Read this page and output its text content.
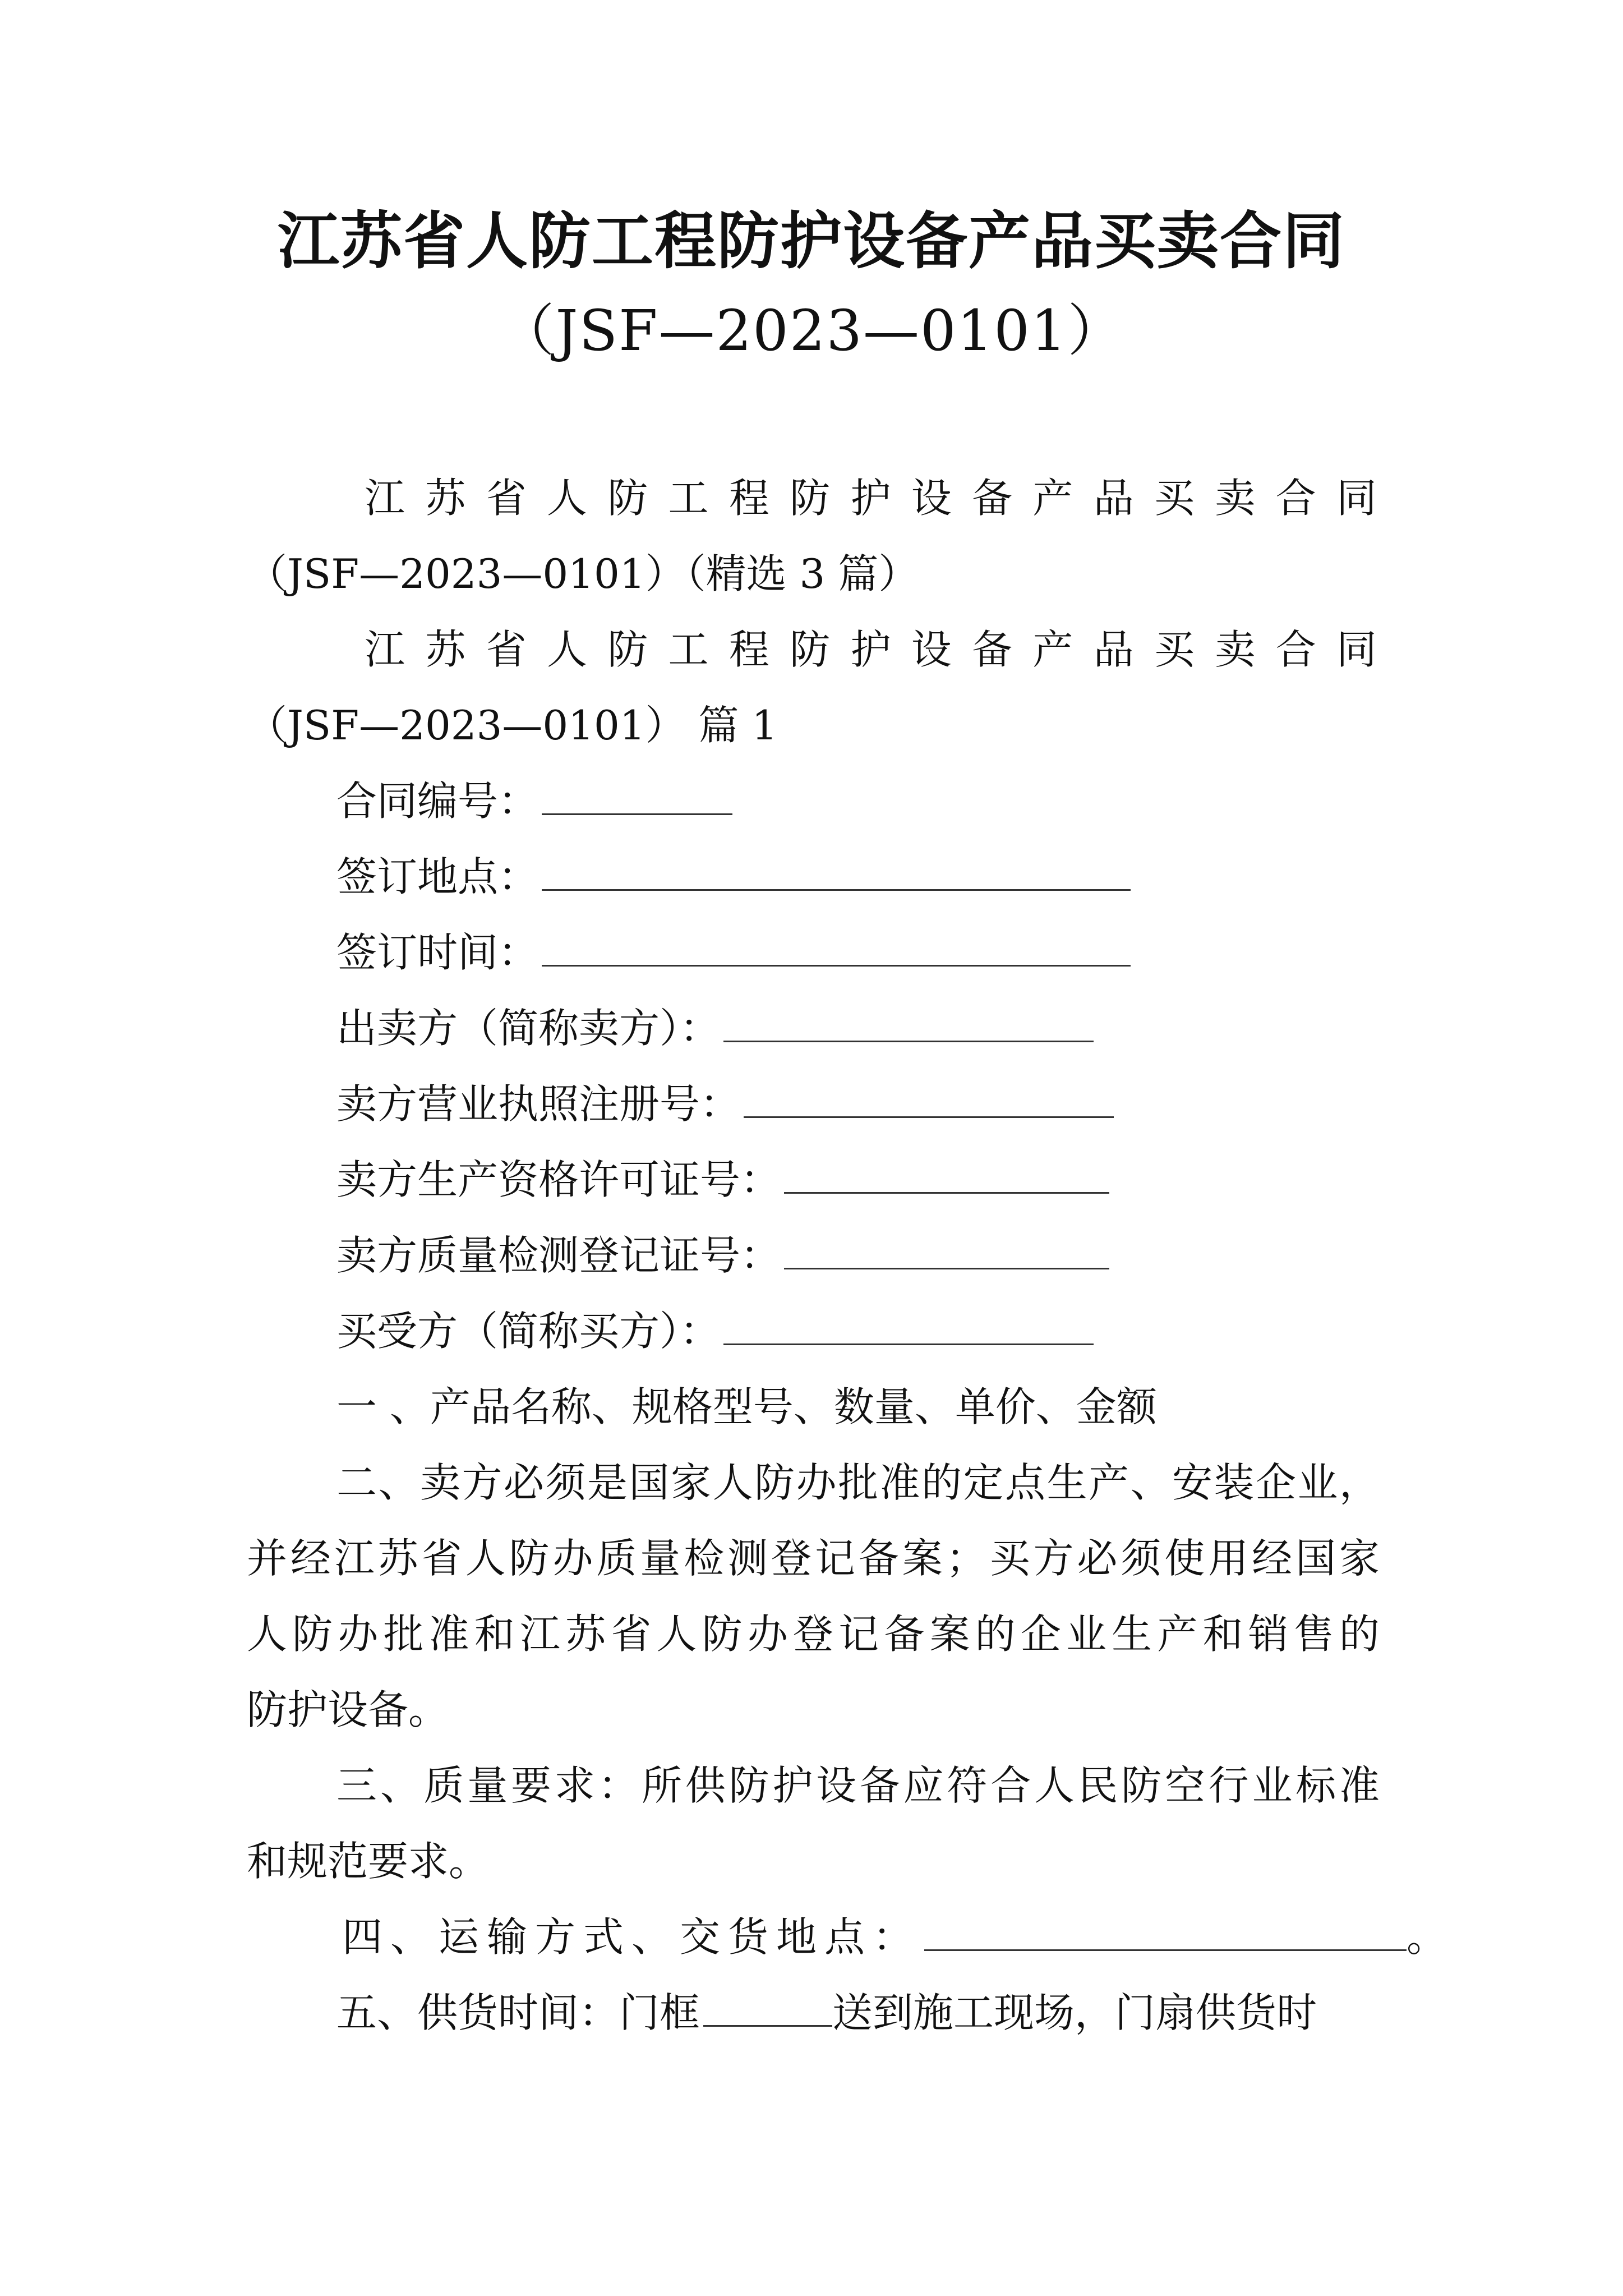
江苏省人防工程防护设备产品买卖合同
（JSF—2023—0101）
江苏省人防工程防护设备产品买卖合同
（JSF—2023—0101）（精选 3 篇）
江苏省人防工程防护设备产品买卖合同
（JSF—2023—0101） 篇 1
合同编号：
签订地点：
签订时间：
出卖方（简称卖方）：
卖方营业执照注册号：
卖方生产资格许可证号：
卖方质量检测登记证号：
买受方（简称买方）：
一 、产品名称、规格型号、数量、单价、金额
二、卖方必须是国家人防办批准的定点生产、安装企业，
并经江苏省人防办质量检测登记备案；买方必须使用经国家
人防办批准和江苏省人防办登记备案的企业生产和销售的
防护设备。
三、质量要求：所供防护设备应符合人民防空行业标准
和规范要求。
四、运输方式、交货地点：	。
五、供货时间：门框	送到施工现场，门扇供货时
